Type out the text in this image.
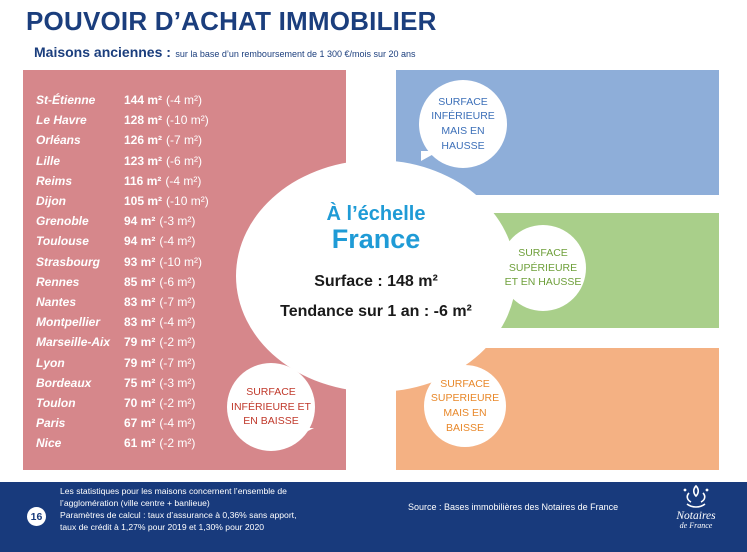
POUVOIR D’ACHAT IMMOBILIER
Maisons anciennes : sur la base d’un remboursement de 1 300 €/mois sur 20 ans
St-Étienne	144 m² (-4 m²)
Le Havre	128 m² (-10 m²)
Orléans	126 m² (-7 m²)
Lille	123 m² (-6 m²)
Reims	116 m² (-4 m²)
Dijon	105 m² (-10 m²)
Grenoble	94 m² (-3 m²)
Toulouse	94 m² (-4 m²)
Strasbourg	93 m² (-10 m²)
Rennes	85 m² (-6 m²)
Nantes	83 m² (-7 m²)
Montpellier	83 m² (-4 m²)
Marseille-Aix	79 m² (-2 m²)
Lyon	79 m² (-7 m²)
Bordeaux	75 m² (-3 m²)
Toulon	70 m² (-2 m²)
Paris	67 m² (-4 m²)
Nice	61 m² (-2 m²)
À l’échelle
France
Surface : 148 m²
Tendance sur 1 an : -6 m²
SURFACE
INFÉRIEURE
MAIS EN
HAUSSE
SURFACE
SUPÉRIEURE
ET EN HAUSSE
SURFACE
SUPERIEURE
MAIS EN
BAISSE
SURFACE
INFÉRIEURE ET
EN BAISSE
16
Les statistiques pour les maisons concernent l’ensemble de
l’agglomération (ville centre + banlieue)
Paramètres de calcul : taux d’assurance à 0,36% sans apport,
taux de crédit à 1,27% pour 2019 et 1,30% pour 2020
Source : Bases immobilières des Notaires de France
Notaires
de France
